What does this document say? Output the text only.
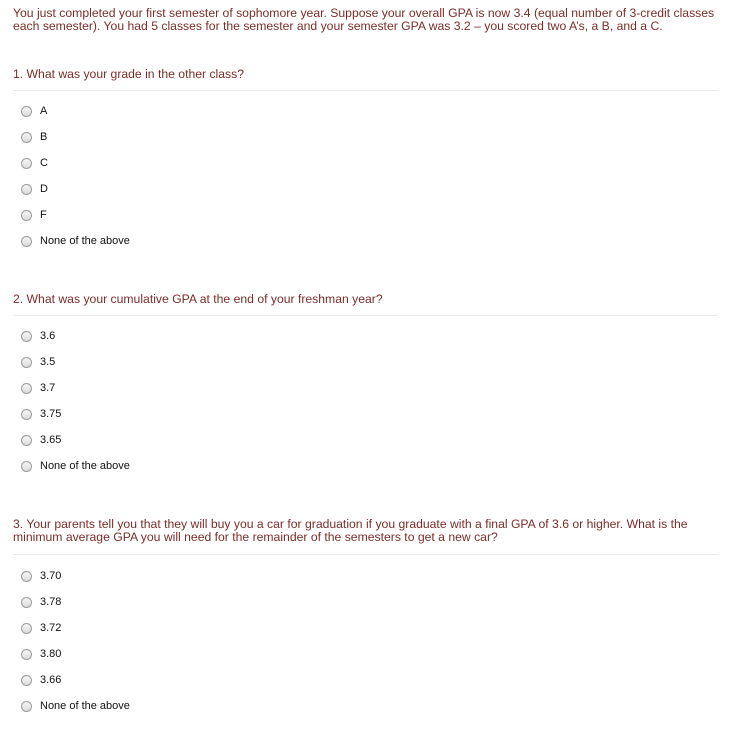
You just completed your first semester of sophomore year. Suppose your overall GPA is now 3.4 (equal number of 3-credit classes each semester). You had 5 classes for the semester and your semester GPA was 3.2 – you scored two A’s, a B, and a C.

1. What was your grade in the other class?

A
B
C
D
F
None of the above

2. What was your cumulative GPA at the end of your freshman year?

3.6
3.5
3.7
3.75
3.65
None of the above

3. Your parents tell you that they will buy you a car for graduation if you graduate with a final GPA of 3.6 or higher. What is the minimum average GPA you will need for the remainder of the semesters to get a new car?

3.70
3.78
3.72
3.80
3.66
None of the above
